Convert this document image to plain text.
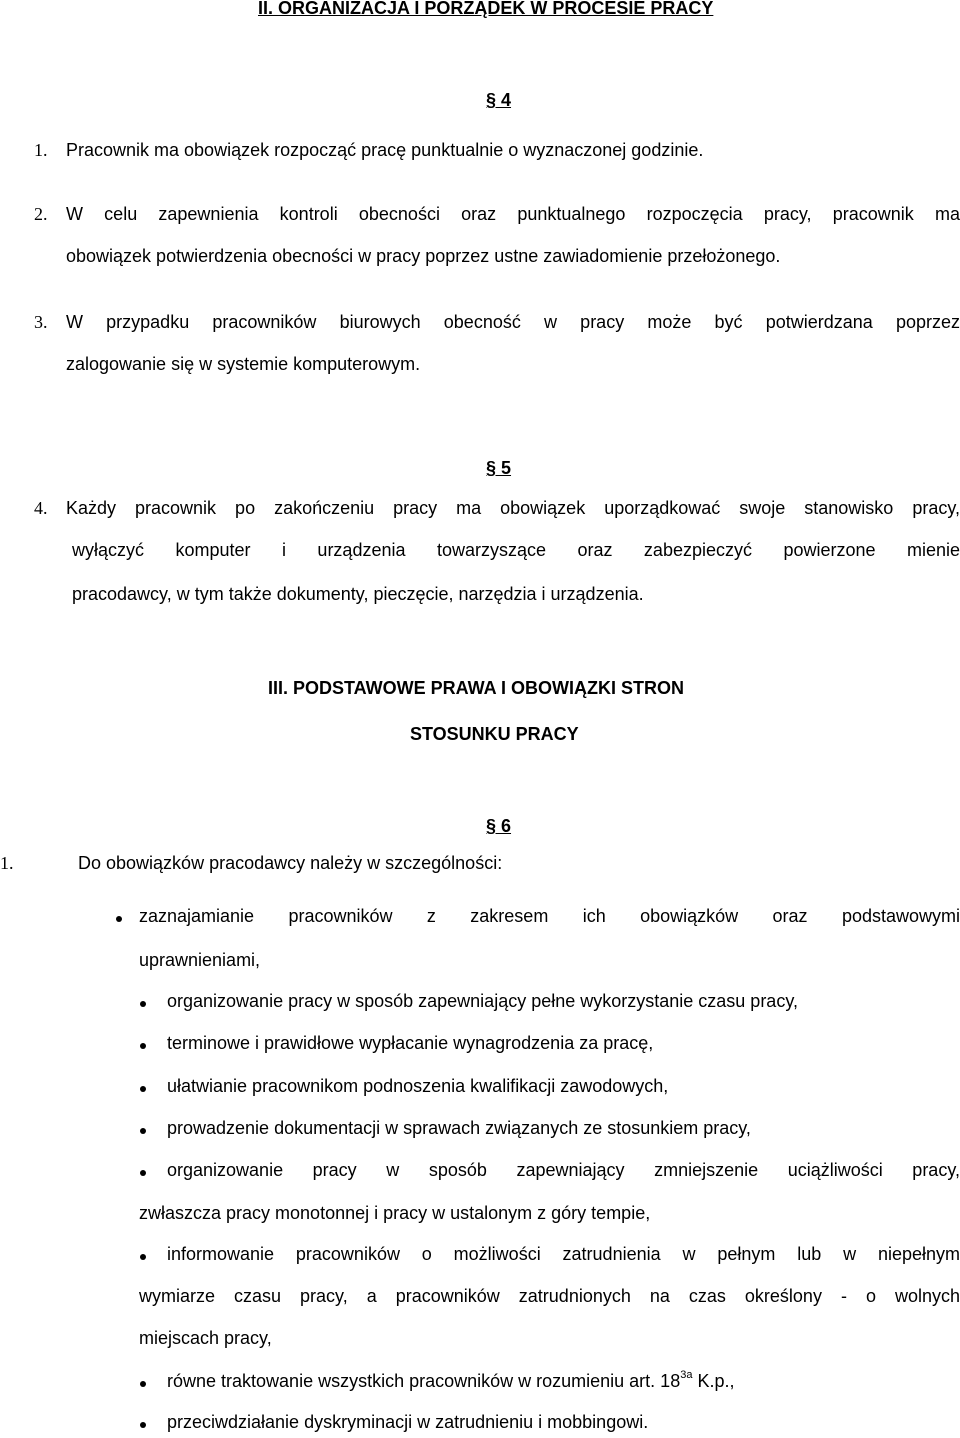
II. ORGANIZACJA I PORZĄDEK W PROCESIE PRACY
§ 4
1. Pracownik ma obowiązek rozpocząć pracę punktualnie o wyznaczonej godzinie.
2. W celu zapewnienia kontroli obecności oraz punktualnego rozpoczęcia pracy, pracownik ma
obowiązek potwierdzenia obecności w pracy poprzez ustne zawiadomienie przełożonego.
3. W przypadku pracowników biurowych obecność w pracy może być potwierdzana poprzez
zalogowanie się w systemie komputerowym.
§ 5
4. Każdy pracownik po zakończeniu pracy ma obowiązek uporządkować swoje stanowisko pracy,
wyłączyć komputer i urządzenia towarzyszące oraz zabezpieczyć powierzone mienie
pracodawcy, w tym także dokumenty, pieczęcie, narzędzia i urządzenia.
III. PODSTAWOWE PRAWA I OBOWIĄZKI STRON
STOSUNKU PRACY
§ 6
1.	Do obowiązków pracodawcy należy w szczególności:
zaznajamianie pracowników z zakresem ich obowiązków oraz podstawowymi
uprawnieniami,
organizowanie pracy w sposób zapewniający pełne wykorzystanie czasu pracy,
terminowe i prawidłowe wypłacanie wynagrodzenia za pracę,
ułatwianie pracownikom podnoszenia kwalifikacji zawodowych,
prowadzenie dokumentacji w sprawach związanych ze stosunkiem pracy,
organizowanie pracy w sposób zapewniający zmniejszenie uciążliwości pracy,
zwłaszcza pracy monotonnej i pracy w ustalonym z góry tempie,
informowanie pracowników o możliwości zatrudnienia w pełnym lub w niepełnym
wymiarze czasu pracy, a pracowników zatrudnionych na czas określony - o wolnych
miejscach pracy,
równe traktowanie wszystkich pracowników w rozumieniu art. $18^{3a}$ K.p.,
przeciwdziałanie dyskryminacji w zatrudnieniu i mobbingowi.
